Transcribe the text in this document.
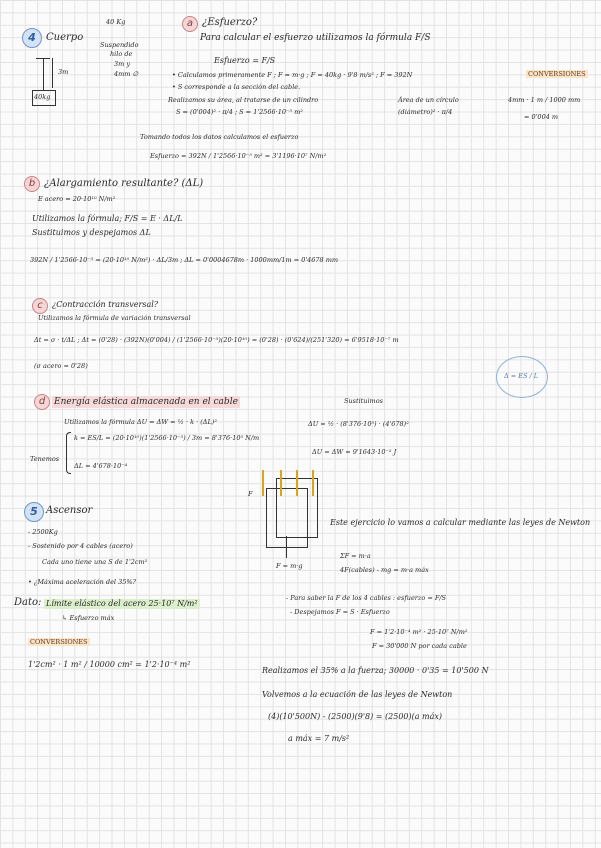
4	Cuerpo
40 Kg
Suspendido
hilo de
3m y
4mm ∅
3m
40kg
a ¿Esfuerzo?
Para calcular el esfuerzo utilizamos la fórmula F/S
Esfuerzo = F/S
• Calculamos primeramente F ; F = m·g ; F = 40kg · 9'8 m/s² ; F = 392N
• S corresponde a la sección del cable.
Realizamos su área, al tratarse de un cilindro
S = (0'004)² · π/4 ; S = 1'2566·10⁻⁵ m²
Área de un círculo
(diámetro)² · π/4
CONVERSIONES
4mm · 1 m / 1000 mm
= 0'004 m
Tomando todos los datos calculamos el esfuerzo
Esfuerzo = 392N / 1'2566·10⁻⁵ m² = 3'1196·10⁷ N/m²
b ¿Alargamiento resultante? (ΔL)
E acero = 20·10¹⁰ N/m²
Utilizamos la fórmula; F/S = E · ΔL/L
Sustituimos y despejamos ΔL
392N / 1'2566·10⁻⁵ = (20·10¹⁰ N/m²) · ΔL/3m ; ΔL = 0'0004678m · 1000mm/1m = 0'4678 mm
c	¿Contracción transversal?
Utilizamos la fórmula de variación transversal
Δt = σ · t/ΔL ; Δt = (0'28) · (392N)(0'004) / (1'2566·10⁻⁵)(20·10¹⁰) = (0'28) · (0'624)/(251'320) = 6'9518·10⁻⁷ m
(σ acero = 0'28)
Δ = ES / L
d Energía elástica almacenada en el cable
Utilizamos la fórmula ΔU = ΔW = ½ · k · (ΔL)²
Tenemos
k = ES/L = (20·10¹⁰)(1'2566·10⁻⁵) / 3m = 8'376·10⁵ N/m
ΔL = 4'678·10⁻⁴
Sustituimos
ΔU = ½ · (8'376·10⁵) · (4'678)²
ΔU = ΔW = 9'1643·10⁻² J
5 Ascensor
- 2500Kg
- Sostenido por 4 cables (acero)
Cada uno tiene una S de 1'2cm²
• ¿Máxima aceleración del 35%?
Dato: Límite elástico del acero 25·10⁷ N/m²
↳ Esfuerzo máx
CONVERSIONES
1'2cm² · 1 m² / 10000 cm² = 1'2·10⁻⁴ m²
F
F = m·g
Este ejercicio lo vamos a calcular mediante las leyes de Newton
ΣF = m·a
4F(cables) - mg = m·a máx
- Para saber la F de los 4 cables : esfuerzo = F/S
- Despejamos F = S · Esfuerzo
F = 1'2·10⁻⁴ m² · 25·10⁷ N/m²
F = 30'000 N por cada cable
Realizamos el 35% a la fuerza; 30000 · 0'35 = 10'500 N
Volvemos a la ecuación de las leyes de Newton
(4)(10'500N) - (2500)(9'8) = (2500)(a máx)
a máx = 7 m/s²
